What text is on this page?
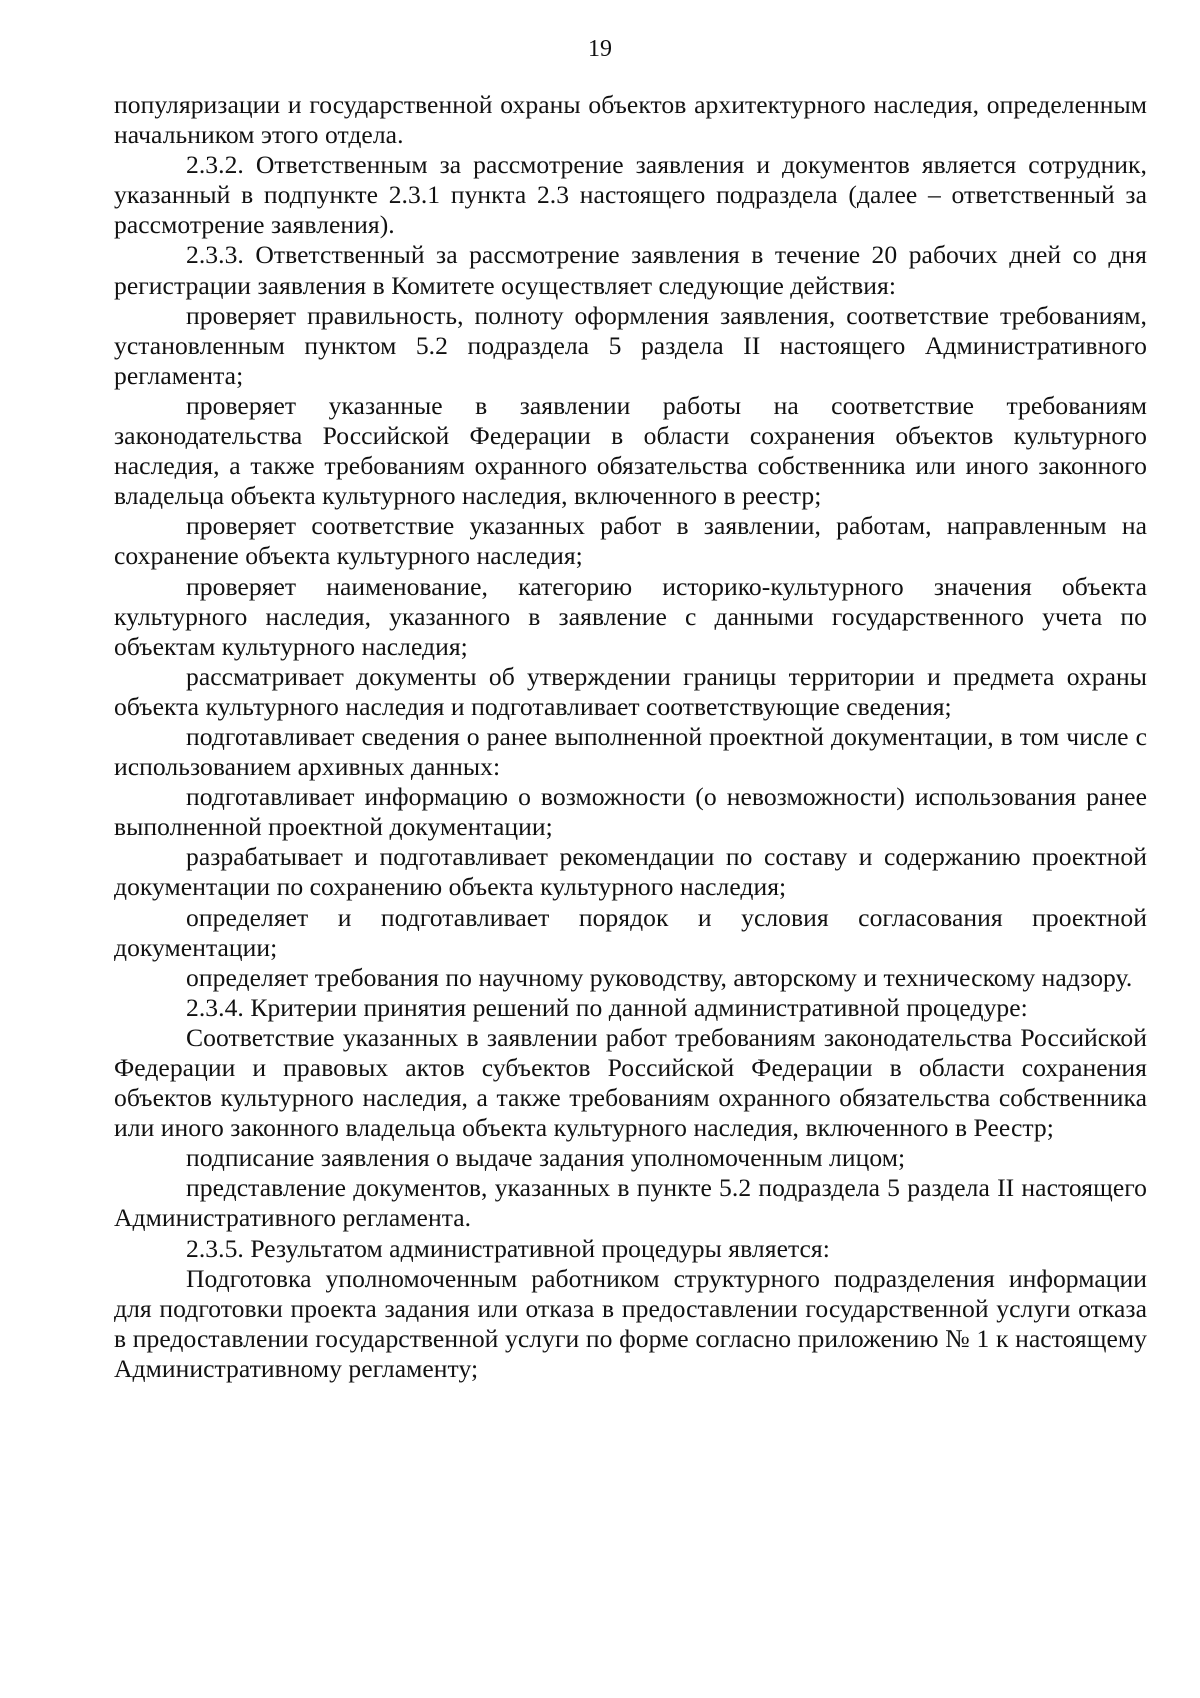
19

популяризации и государственной охраны объектов архитектурного наследия, определенным начальником этого отдела.

2.3.2. Ответственным за рассмотрение заявления и документов является сотрудник, указанный в подпункте 2.3.1 пункта 2.3 настоящего подраздела (далее – ответственный за рассмотрение заявления).

2.3.3. Ответственный за рассмотрение заявления в течение 20 рабочих дней со дня регистрации заявления в Комитете осуществляет следующие действия:

проверяет правильность, полноту оформления заявления, соответствие требованиям, установленным пунктом 5.2 подраздела 5 раздела II настоящего Административного регламента;

проверяет указанные в заявлении работы на соответствие требованиям законодательства Российской Федерации в области сохранения объектов культурного наследия, а также требованиям охранного обязательства собственника или иного законного владельца объекта культурного наследия, включенного в реестр;

проверяет соответствие указанных работ в заявлении, работам, направленным на сохранение объекта культурного наследия;

проверяет наименование, категорию историко-культурного значения объекта культурного наследия, указанного в заявление с данными государственного учета по объектам культурного наследия;

рассматривает документы об утверждении границы территории и предмета охраны объекта культурного наследия и подготавливает соответствующие сведения;

подготавливает сведения о ранее выполненной проектной документации, в том числе с использованием архивных данных:

подготавливает информацию о возможности (о невозможности) использования ранее выполненной проектной документации;

разрабатывает и подготавливает рекомендации по составу и содержанию проектной документации по сохранению объекта культурного наследия;

определяет и подготавливает порядок и условия согласования проектной документации;

определяет требования по научному руководству, авторскому и техническому надзору.

2.3.4. Критерии принятия решений по данной административной процедуре:

Соответствие указанных в заявлении работ требованиям законодательства Российской Федерации и правовых актов субъектов Российской Федерации в области сохранения объектов культурного наследия, а также требованиям охранного обязательства собственника или иного законного владельца объекта культурного наследия, включенного в Реестр;

подписание заявления о выдаче задания уполномоченным лицом;

представление документов, указанных в пункте 5.2 подраздела 5 раздела II настоящего Административного регламента.

2.3.5. Результатом административной процедуры является:

Подготовка уполномоченным работником структурного подразделения информации для подготовки проекта задания или отказа в предоставлении государственной услуги отказа в предоставлении государственной услуги по форме согласно приложению № 1 к настоящему Административному регламенту;
